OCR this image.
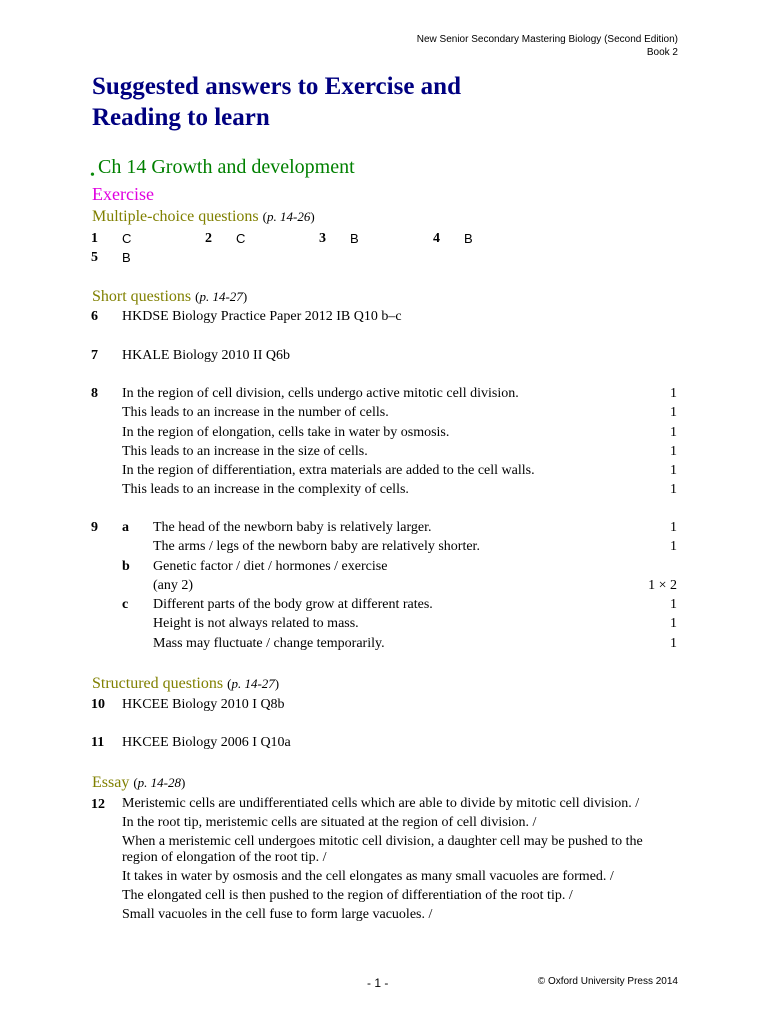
New Senior Secondary Mastering Biology (Second Edition)
Book 2
Suggested answers to Exercise and
Reading to learn
• Ch 14 Growth and development
Exercise
Multiple-choice questions (p. 14-26)
1 C	2 C	3 B	4 B
5 B
Short questions (p. 14-27)
6 HKDSE Biology Practice Paper 2012 IB Q10 b–c
7 HKALE Biology 2010 II Q6b
8 In the region of cell division, cells undergo active mitotic cell division.	1
This leads to an increase in the number of cells.	1
In the region of elongation, cells take in water by osmosis.	1
This leads to an increase in the size of cells.	1
In the region of differentiation, extra materials are added to the cell walls.	1
This leads to an increase in the complexity of cells.	1
9 a The head of the newborn baby is relatively larger.	1
The arms / legs of the newborn baby are relatively shorter.	1
b Genetic factor / diet / hormones / exercise
(any 2)	1 × 2
c Different parts of the body grow at different rates.	1
Height is not always related to mass.	1
Mass may fluctuate / change temporarily.	1
Structured questions (p. 14-27)
10 HKCEE Biology 2010 I Q8b
11 HKCEE Biology 2006 I Q10a
Essay (p. 14-28)
12 Meristemic cells are undifferentiated cells which are able to divide by mitotic cell division. /
In the root tip, meristemic cells are situated at the region of cell division. /
When a meristemic cell undergoes mitotic cell division, a daughter cell may be pushed to the region of elongation of the root tip. /
It takes in water by osmosis and the cell elongates as many small vacuoles are formed. /
The elongated cell is then pushed to the region of differentiation of the root tip. /
Small vacuoles in the cell fuse to form large vacuoles. /
- 1 -	© Oxford University Press 2014
